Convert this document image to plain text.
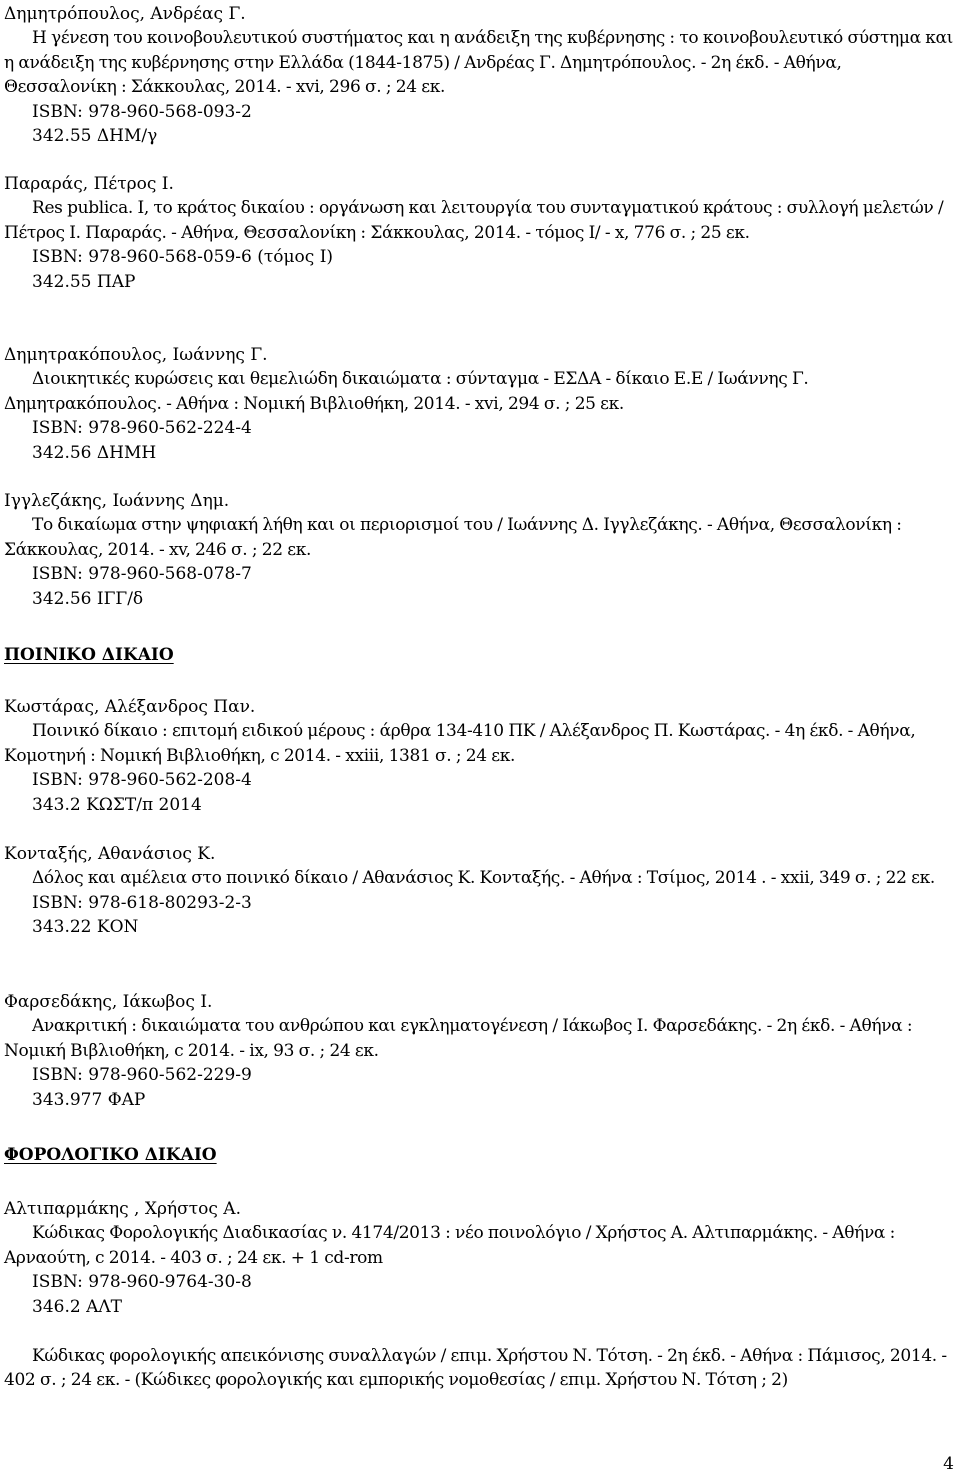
Δημητρόπουλος, Ανδρέας Γ.
Η γένεση του κοινοβουλευτικού συστήματος και η ανάδειξη της κυβέρνησης : το κοινοβουλευτικό σύστημα και η ανάδειξη της κυβέρνησης στην Ελλάδα (1844-1875) / Ανδρέας Γ. Δημητρόπουλος. - 2η έκδ. - Αθήνα, Θεσσαλονίκη : Σάκκουλας, 2014. - xvi, 296 σ. ; 24 εκ.
ISBN: 978-960-568-093-2
342.55 ΔΗΜ/γ
Παραράς, Πέτρος Ι.
Res publica. I, το κράτος δικαίου : οργάνωση και λειτουργία του συνταγματικού κράτους : συλλογή μελετών / Πέτρος Ι. Παραράς. - Αθήνα, Θεσσαλονίκη : Σάκκουλας, 2014. - τόμος Ι/ - x, 776 σ. ; 25 εκ.
ISBN: 978-960-568-059-6 (τόμος Ι)
342.55 ΠΑΡ
Δημητρακόπουλος, Ιωάννης Γ.
Διοικητικές κυρώσεις και θεμελιώδη δικαιώματα : σύνταγμα - ΕΣΔΑ - δίκαιο Ε.Ε / Ιωάννης Γ. Δημητρακόπουλος. - Αθήνα : Νομική Βιβλιοθήκη, 2014. - xvi, 294 σ. ; 25 εκ.
ISBN: 978-960-562-224-4
342.56 ΔΗΜΗ
Ιγγλεζάκης, Ιωάννης Δημ.
Το δικαίωμα στην ψηφιακή λήθη και οι περιορισμοί του / Ιωάννης Δ. Ιγγλεζάκης. - Αθήνα, Θεσσαλονίκη : Σάκκουλας, 2014. - xv, 246 σ. ; 22 εκ.
ISBN: 978-960-568-078-7
342.56 ΙΓΓ/δ
ΠΟΙΝΙΚΟ ΔΙΚΑΙΟ
Κωστάρας, Αλέξανδρος Παν.
Ποινικό δίκαιο : επιτομή ειδικού μέρους : άρθρα 134-410 ΠΚ / Αλέξανδρος Π. Κωστάρας. - 4η έκδ. - Αθήνα, Κομοτηνή : Νομική Βιβλιοθήκη, c 2014. - xxiii, 1381 σ. ; 24 εκ.
ISBN: 978-960-562-208-4
343.2 ΚΩΣΤ/π 2014
Κονταξής, Αθανάσιος Κ.
Δόλος και αμέλεια στο ποινικό δίκαιο / Αθανάσιος Κ. Κονταξής. - Αθήνα : Τσίμος, 2014 . - xxii, 349 σ. ; 22 εκ.
ISBN: 978-618-80293-2-3
343.22 ΚΟΝ
Φαρσεδάκης, Ιάκωβος Ι.
Ανακριτική : δικαιώματα του ανθρώπου και εγκληματογένεση / Ιάκωβος Ι. Φαρσεδάκης. - 2η έκδ. - Αθήνα : Νομική Βιβλιοθήκη, c 2014. - ix, 93 σ. ; 24 εκ.
ISBN: 978-960-562-229-9
343.977 ΦΑΡ
ΦΟΡΟΛΟΓΙΚΟ ΔΙΚΑΙΟ
Αλτιπαρμάκης , Χρήστος Α.
Κώδικας Φορολογικής Διαδικασίας ν. 4174/2013 : νέο ποινολόγιο / Χρήστος Α. Αλτιπαρμάκης. - Αθήνα : Αρναούτη, c 2014. - 403 σ. ; 24 εκ. + 1 cd-rom
ISBN: 978-960-9764-30-8
346.2 ΑΛΤ
Κώδικας φορολογικής απεικόνισης συναλλαγών / επιμ. Χρήστου Ν. Τότση. - 2η έκδ. - Αθήνα : Πάμισος, 2014. - 402 σ. ; 24 εκ. - (Κώδικες φορολογικής και εμπορικής νομοθεσίας / επιμ. Χρήστου Ν. Τότση ; 2)
4
